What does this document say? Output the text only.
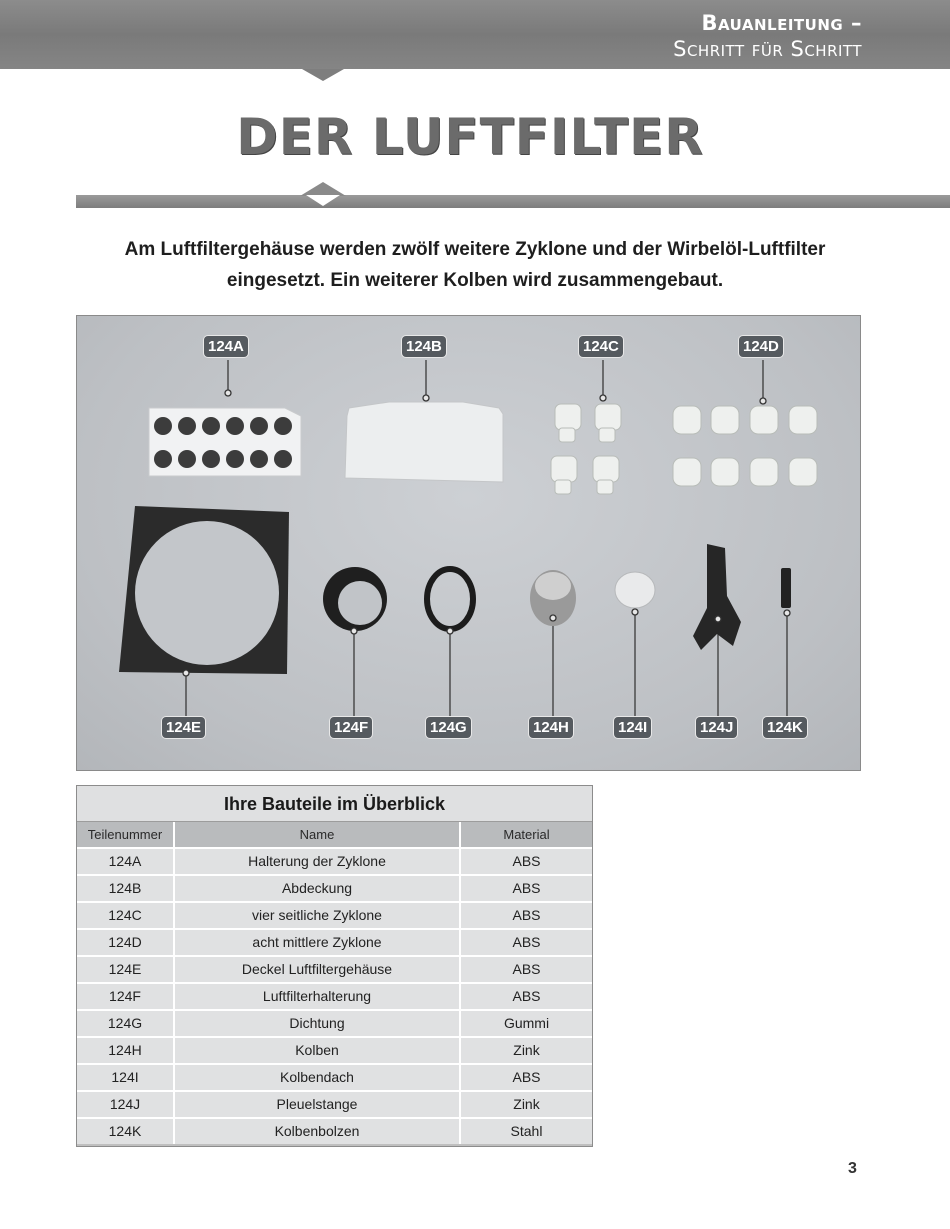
Bauanleitung –
Schritt für Schritt
DER LUFTFILTER
Am Luftfiltergehäuse werden zwölf weitere Zyklone und der Wirbelöl-Luftfilter eingesetzt. Ein weiterer Kolben wird zusammengebaut.
124A	124B	124C	124D
124E	124F	124G	124H	124I	124J 124K
Ihre Bauteile im Überblick
Teilenummer	Name	Material
124A	Halterung der Zyklone	ABS
124B	Abdeckung	ABS
124C	vier seitliche Zyklone	ABS
124D	acht mittlere Zyklone	ABS
124E	Deckel Luftfiltergehäuse	ABS
124F	Luftfilterhalterung	ABS
124G	Dichtung	Gummi
124H	Kolben	Zink
124I	Kolbendach	ABS
124J	Pleuelstange	Zink
124K	Kolbenbolzen	Stahl
3
